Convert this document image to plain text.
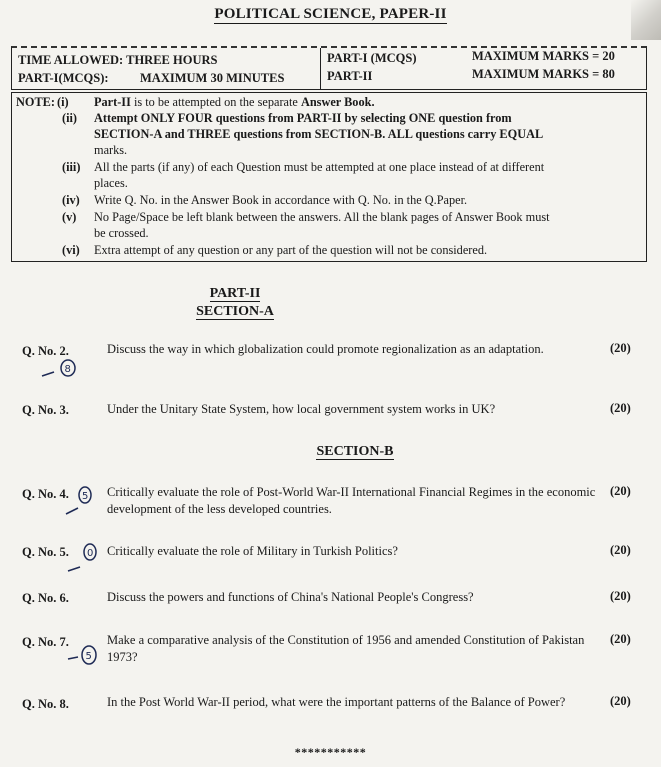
POLITICAL SCIENCE, PAPER-II
TIME ALLOWED: THREE HOURS
PART-I(MCQS):	MAXIMUM 30 MINUTES
PART-I (MCQS)	MAXIMUM MARKS = 20
PART-II	MAXIMUM MARKS = 80
NOTE: (i) Part-II is to be attempted on the separate Answer Book.
(ii) Attempt ONLY FOUR questions from PART-II by selecting ONE question from
SECTION-A and THREE questions from SECTION-B. ALL questions carry EQUAL
marks.
(iii) All the parts (if any) of each Question must be attempted at one place instead of at different
places.
(iv) Write Q. No. in the Answer Book in accordance with Q. No. in the Q.Paper.
(v) No Page/Space be left blank between the answers. All the blank pages of Answer Book must
be crossed.
(vi) Extra attempt of any question or any part of the question will not be considered.
PART-II
SECTION-A
Q. No. 2.	Discuss the way in which globalization could promote regionalization as an adaptation.	(20)
Q. No. 3.	Under the Unitary State System, how local government system works in UK?	(20)
SECTION-B
Q. No. 4.	Critically evaluate the role of Post-World War-II International Financial Regimes in the economic development of the less developed countries.
(20)
Q. No. 5.	Critically evaluate the role of Military in Turkish Politics?	(20)
Q. No. 6.	Discuss the powers and functions of China's National People's Congress?	(20)
Q. No. 7.	Make a comparative analysis of the Constitution of 1956 and amended Constitution of Pakistan 1973?
(20)
Q. No. 8.	In the Post World War-II period, what were the important patterns of the Balance of Power?	(20)
8
5
0
5
***********
